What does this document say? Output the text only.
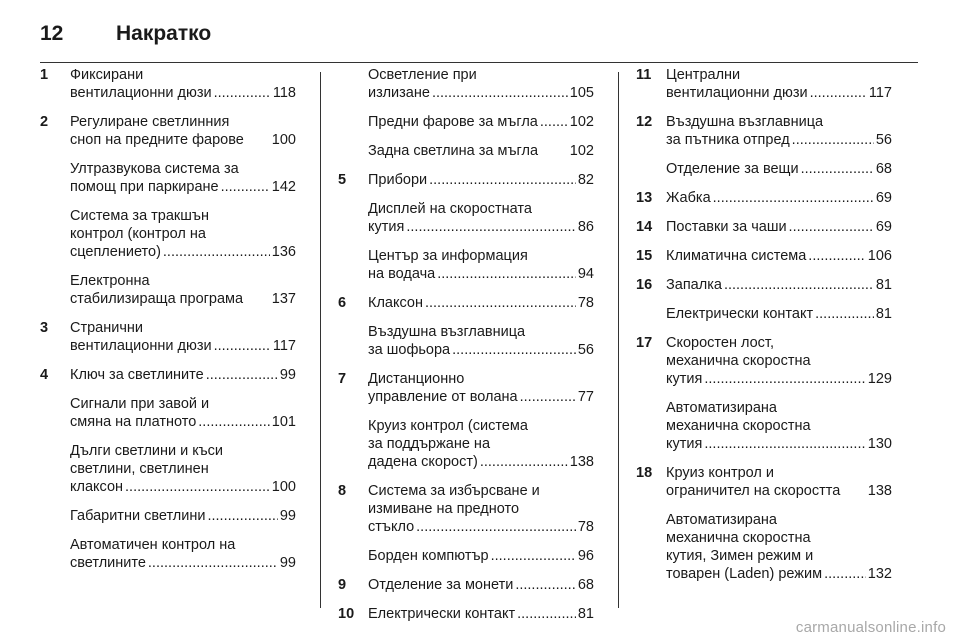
12	Накратко
1 Фиксирани
вентилационни дюзи .....	118
2 Регулиране светлинния
сноп на предните фарове 100
Ултразвукова система за
помощ при паркиране .....	142
Система за тракшън
контрол (контрол на
сцеплението) .....	136
Електронна
стабилизираща програма 137
3 Странични
вентилационни дюзи .....	117
4 Ключ за светлините .....	99
Сигнали при завой и
смяна на платното .....	101
Дълги светлини и къси
светлини, светлинен
клаксон .....	100
Габаритни светлини .....	99
Автоматичен контрол на
светлините .....	99
Осветление при
излизане .....	105
Предни фарове за мъгла ..... 102
Задна светлина за мъгла 102
5 Прибори .....	82
Дисплей на скоростната
кутия .....	86
Център за информация
на водача .....	94
6 Клаксон .....	78
Въздушна възглавница
за шофьора .....	56
7 Дистанционно
управление от волана .....	77
Круиз контрол (система
за поддържане на
дадена скорост) .....	138
8 Система за избърсване и
измиване на предното
стъкло .....	78
Борден компютър .....	96
9 Отделение за монети .....	68
10 Електрически контакт .....	81
11 Централни
вентилационни дюзи .....	117
12 Въздушна възглавница
за пътника отпред .....	56
Отделение за вещи .....	68
13 Жабка .....	69
14 Поставки за чаши .....	69
15 Климатична система .....	106
16 Запалка .....	81
Електрически контакт .....	81
17 Скоростен лост,
механична скоростна
кутия .....	129
Автоматизирана
механична скоростна
кутия .....	130
18 Круиз контрол и
ограничител на скоростта 138
Автоматизирана
механична скоростна
кутия, Зимен режим и
товарен (Laden) режим .....	132
carmanualsonline.info
